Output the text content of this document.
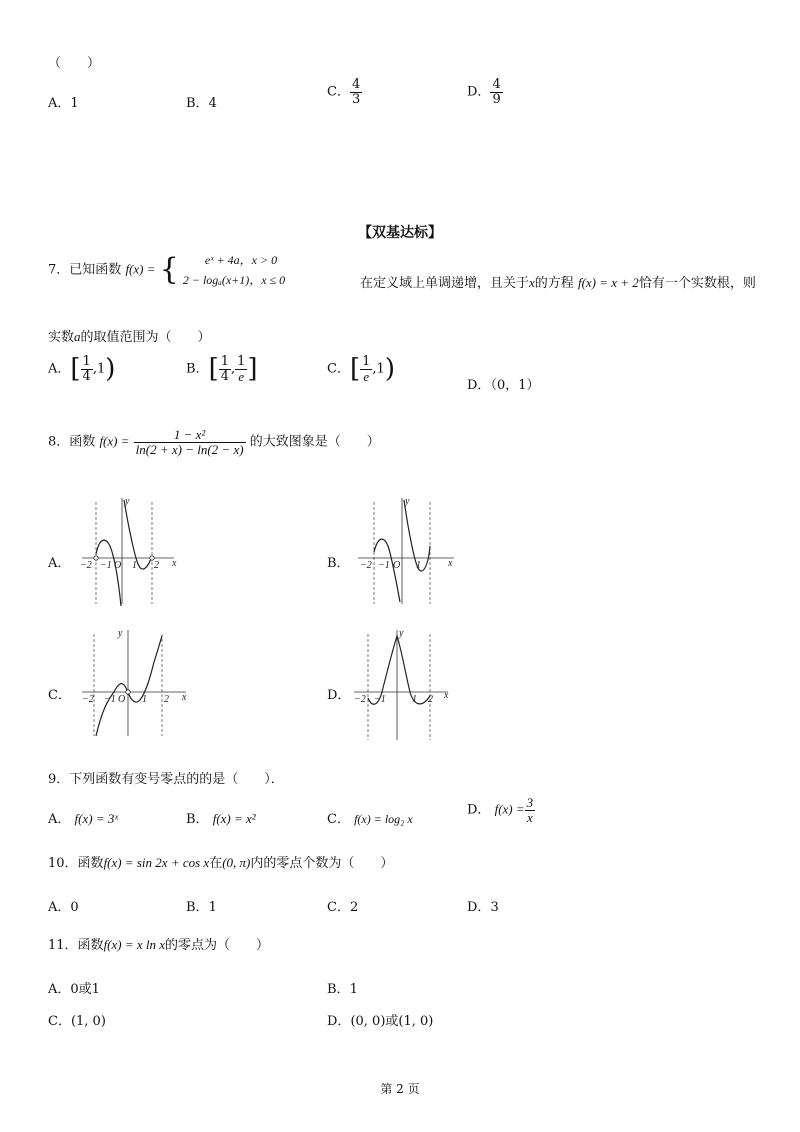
（　　）
A．1	B．4
C． $\frac{4}{3}$	D． $\frac{4}{9}$
【双基达标】
7．已知函数 f(x) = {	eˣ + 4a，x > 0
2 − logₐ(x+1)，x ≤ 0	在定义域上单调递增，且关于x的方程 f(x) = x + 2恰有一个实数根，则
实数a的取值范围为（　　）
A．[ $\frac{1}{4} ,1$)	B．[ $\frac{1}{4}$ , $\frac{1}{e}$ ]	C．[ $\frac{1}{e} ,1$)
D．（0，1）
8．函数 $f(x) = \frac{\text{1 − x²}}{\ln(2 + x) - \ln(2 - x)}$ 的大致图象是（　　）
A． −2 −1 O 1 2 x
y
B． −2 −1 O 1	x
y
C． −2 −1 O 1 2 x
y
D． −2 −1	1 2 x
y
9．下列函数有变号零点的的是（　　）．
A． f(x) = 3ˣ	B． f(x) = x²	C． f(x) = log₂ x
D． $f(x) = \frac{3}{x}$
10．函数f(x) = sin 2x + cos x在(0, π)内的零点个数为（　　）
A．0	B．1	C．2	D．3
11．函数f(x) = x ln x的零点为（　　）
A．0或1	B．1
C．(1, 0)	D．(0, 0)或(1, 0)
第 2 页
